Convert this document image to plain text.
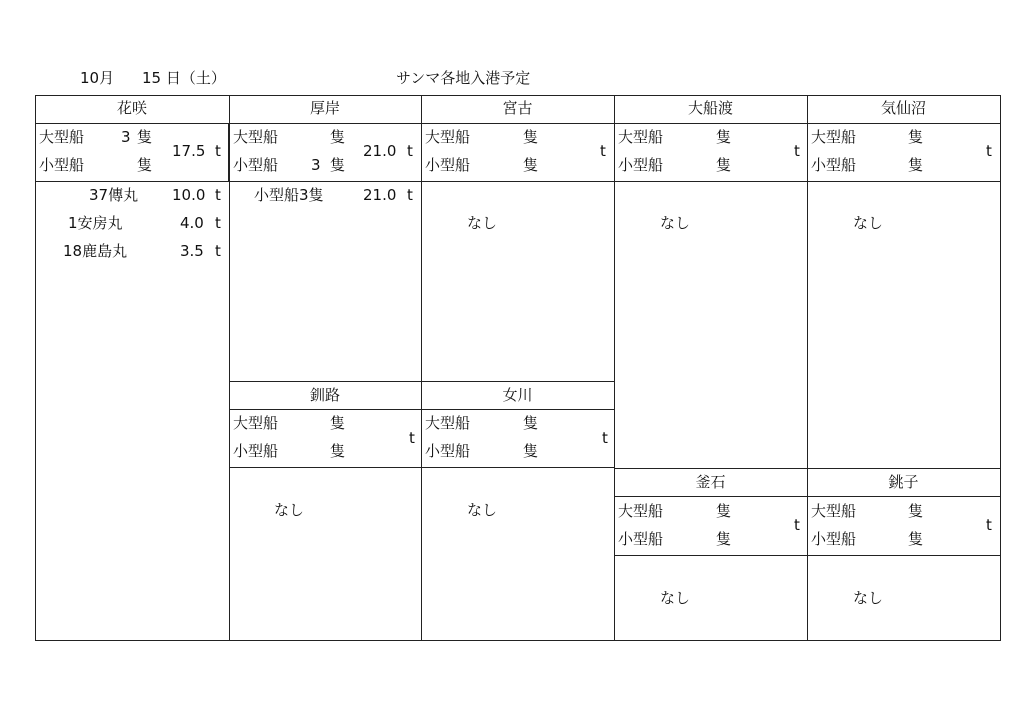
10月 15 日（土）	サンマ各地入港予定
花咲
大型船 3 隻
小型船	隻
17.5 t
37傳丸 10.0 t
1安房丸	4.0 t
18鹿島丸	3.5 t
厚岸
大型船	隻
小型船 3 隻
21.0 t
小型船3隻	21.0 t
宮古
大型船	隻
小型船	隻
t
なし
大船渡
大型船	隻
小型船	隻
t
なし
気仙沼
大型船	隻
小型船	隻
t
なし
釧路
大型船	隻
小型船	隻
t
なし
女川
大型船	隻
小型船	隻
t
なし
釜石
大型船	隻
小型船	隻
t
なし
銚子
大型船	隻
小型船	隻
t
なし
